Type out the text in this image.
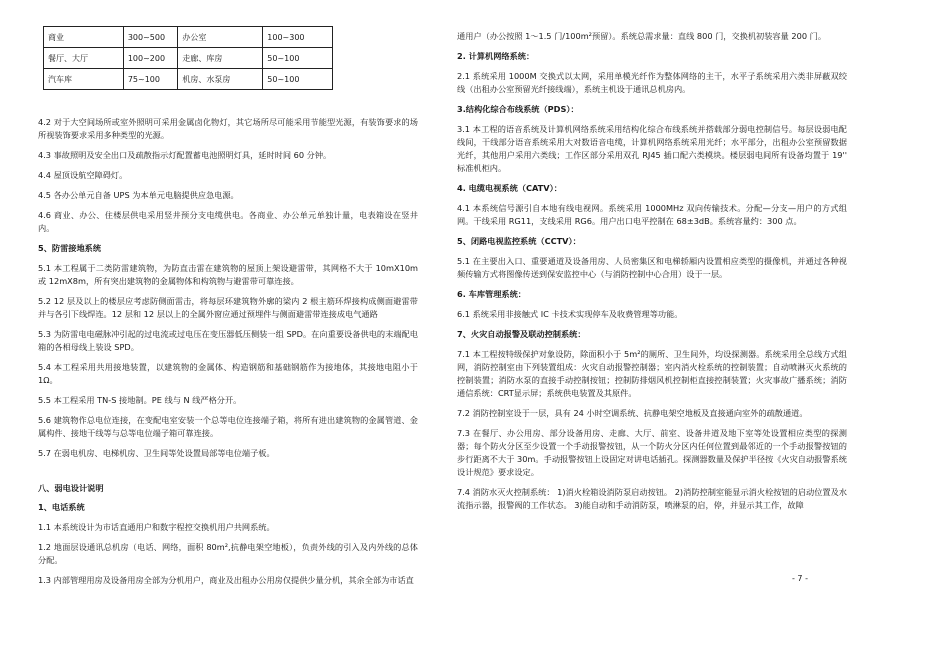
商业	300~500	办公室	100~300
餐厅、大厅	100~200	走廊、库房	50~100
汽车库	75~100	机房、水泵房	50~100

4.2 对于大空间场所或室外照明可采用金属卤化物灯，其它场所尽可能采用节能型光源，有装饰要求的场所视装饰要求采用多种类型的光源。

4.3 事故照明及安全出口及疏散指示灯配置蓄电池照明灯具，延时时间 60 分钟。

4.4 屋顶设航空障碍灯。

4.5 各办公单元自备 UPS 为本单元电脑提供应急电源。

4.6 商业、办公、住楼层供电采用竖井预分支电缆供电。各商业、办公单元单独计量，电表箱设在竖井内。

5、防雷接地系统

5.1 本工程属于二类防雷建筑物，为防直击雷在建筑物的屋顶上架设避雷带，其网格不大于 10mX10m 或 12mX8m，所有突出建筑物的金属物体和构筑物与避雷带可靠连接。

5.2 12 层及以上的楼层应考虑防侧面雷击，将每层环建筑物外廓的梁内 2 根主筋环焊接构成侧面避雷带并与各引下线焊连。12 层和 12 层以上的全属外窗应通过预埋件与侧面避雷带连接成电气通路

5.3 为防雷电电磁脉冲引起的过电流或过电压在变压器低压侧装一组 SPD。在向重要设备供电的末端配电箱的各相母线上装设 SPD。

5.4 本工程采用共用接地装置，以建筑物的金属体、构造钢筋和基础钢筋作为接地体，其接地电阻小于 1Ω。

5.5 本工程采用 TN-S 接地制。PE 线与 N 线严格分开。

5.6 建筑物作总电位连接，在变配电室安装一个总等电位连接端子箱，将所有进出建筑物的金属管道、金属构件、接地干线等与总等电位端子箱可靠连接。

5.7 在弱电机房、电梯机房、卫生间等处设置局部等电位端子板。

八、弱电设计说明
1、电话系统

1.1 本系统设计为市话直通用户和数字程控交换机用户共网系统。

1.2 地面层设通讯总机房（电话、网络，面积 80m²,抗静电架空地板），负责外线的引入及内外线的总体分配。

1.3 内部管理用房及设备用房全部为分机用户，商业及出租办公用房仅提供少量分机，其余全部为市话直

通用户（办公按照 1～1.5 门/100m²预留）。系统总需求量：直线 800 门，交换机初装容量 200 门。

2. 计算机网络系统：

2.1 系统采用 1000M 交换式以太网，采用单模光纤作为整体网络的主干，水平子系统采用六类非屏蔽双绞线（出租办公室预留光纤接线端），系统主机设于通讯总机房内。

3.结构化综合布线系统（PDS）：

3.1 本工程的语音系统及计算机网络系统采用结构化综合布线系统并搭载部分弱电控制信号。每层设弱电配线间，干线部分语音系统采用大对数语音电缆，计算机网络系统采用光纤；水平部分，出租办公室预留数据光纤，其他用户采用六类线；工作区部分采用双孔 RJ45 插口配六类模块。楼层弱电间所有设备均置于 19'' 标准机柜内。

4. 电缆电视系统（CATV）：

4.1 本系统信号源引自本地有线电视网。系统采用 1000MHz 双向传输技术。分配—分支—用户的方式组网。干线采用 RG11，支线采用 RG6。用户出口电平控制在 68±3dB。系统容量约：300 点。

5、闭路电视监控系统（CCTV）：

5.1 在主要出入口、重要通道及设备用房、人员密集区和电梯轿厢内设置相应类型的摄像机，并通过各种视频传输方式将图像传送到保安监控中心（与消防控制中心合用）设于一层。

6. 车库管理系统：

6.1 系统采用非接触式 IC 卡技术实现停车及收费管理等功能。

7、火灾自动报警及联动控制系统：

7.1 本工程按特级保护对象设防，除面积小于 5m²的厕所、卫生间外，均设探测器。系统采用全总线方式组网，消防控制室由下列装置组成：火灾自动报警控制器；室内消火栓系统的控制装置；自动喷淋灭火系统的控制装置；消防水泵的直接手动控制按钮；控制防排烟风机控制柜直接控制装置；火灾事故广播系统；消防通信系统：CRT显示屏；系统供电装置及其原件。

7.2 消防控制室设于一层，具有 24 小时空调系统、抗静电架空地板及直接通向室外的疏散通道。

7.3 在餐厅、办公用房、部分设备用房、走廊、大厅、前室、设备井道及地下室等处设置相应类型的探测器；每个防火分区至少设置一个手动报警按钮，从一个防火分区内任何位置到最邻近的一个手动报警按钮的步行距离不大于 30m。手动报警按钮上设固定对讲电话插孔。探测器数量及保护半径按《火灾自动报警系统设计规范》要求设定。

7.4 消防水灭火控制系统： 1)消火栓箱设消防泵启动按钮。 2)消防控制室能显示消火栓按钮的启动位置及水流指示器，报警阀的工作状态。 3)能自动和手动消防泵，喷淋泵的启，停，并显示其工作，故障

- 7 -
